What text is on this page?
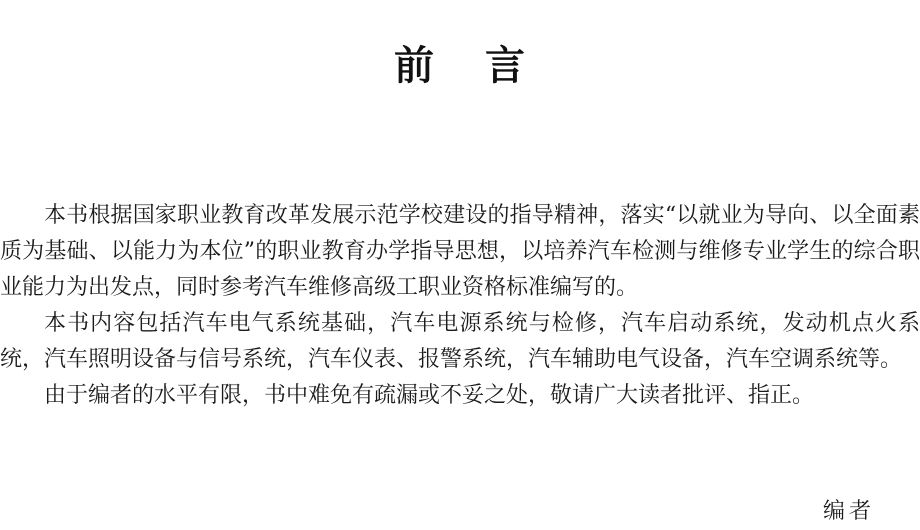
前 言

本书根据国家职业教育改革发展示范学校建设的指导精神，落实“以就业为导向、以全面素质为基础、以能力为本位”的职业教育办学指导思想，以培养汽车检测与维修专业学生的综合职业能力为出发点，同时参考汽车维修高级工职业资格标准编写的。

本书内容包括汽车电气系统基础，汽车电源系统与检修，汽车启动系统，发动机点火系统，汽车照明设备与信号系统，汽车仪表、报警系统，汽车辅助电气设备，汽车空调系统等。

由于编者的水平有限，书中难免有疏漏或不妥之处，敬请广大读者批评、指正。

编者
